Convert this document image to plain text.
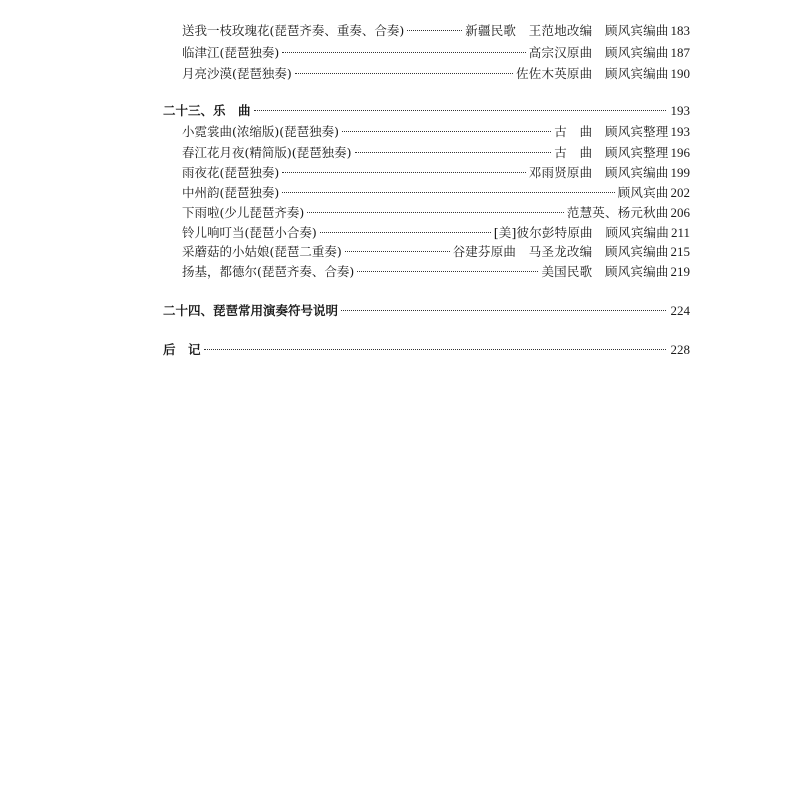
送我一枝玫瑰花(琵琶齐奏、重奏、合奏)	新疆民歌　王范地改编　顾风宾编曲 183
临津江(琵琶独奏)	高宗汉原曲　顾风宾编曲 187
月亮沙漠(琵琶独奏)	佐佐木英原曲　顾风宾编曲 190
二十三、乐　曲	193
小霓裳曲(浓缩版)(琵琶独奏)	古　曲　顾风宾整理 193
春江花月夜(精简版)(琵琶独奏)	古　曲　顾风宾整理 196
雨夜花(琵琶独奏)	邓雨贤原曲　顾风宾编曲 199
中州韵(琵琶独奏)	顾风宾曲 202
下雨啦(少儿琵琶齐奏)	范慧英、杨元秋曲 206
铃儿响叮当(琵琶小合奏)	[美]彼尔彭特原曲　顾风宾编曲 211
采蘑菇的小姑娘(琵琶二重奏)	谷建芬原曲　马圣龙改编　顾风宾编曲 215
扬基，都德尔(琵琶齐奏、合奏)	美国民歌　顾风宾编曲 219
二十四、琵琶常用演奏符号说明	224
后　记	228
